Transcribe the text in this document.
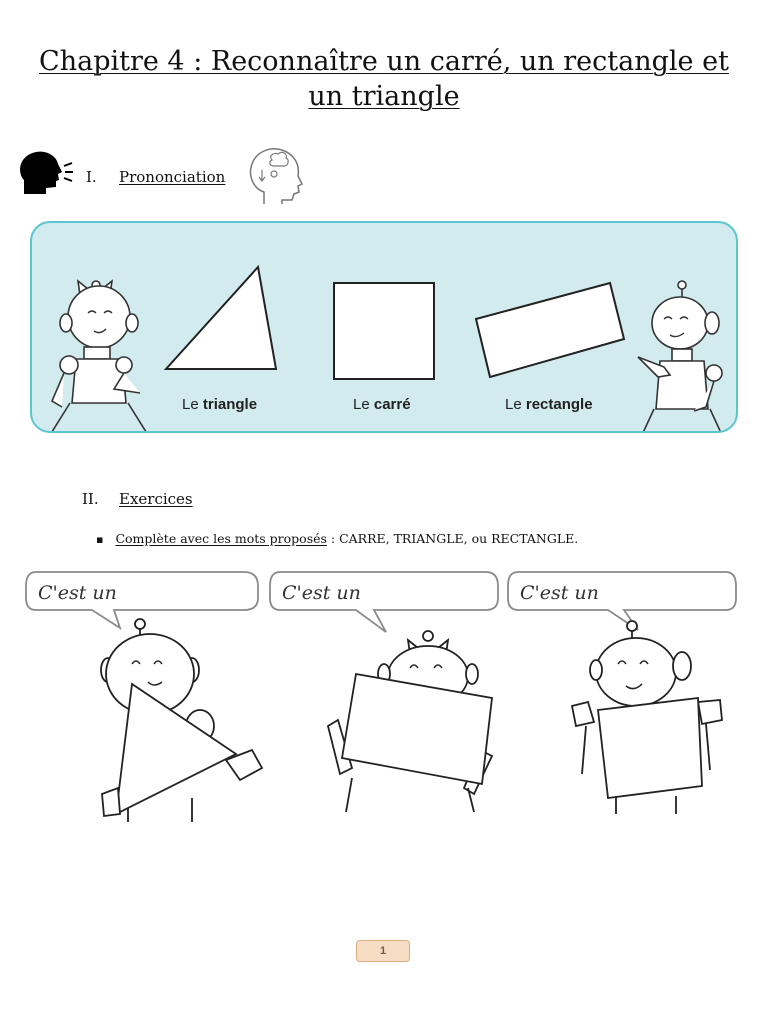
Chapitre 4 : Reconnaître un carré, un rectangle et
un triangle
I. Prononciation
Le triangle	Le carré	Le rectangle
II. Exercices
▪ Complète avec les mots proposés : CARRE, TRIANGLE, ou RECTANGLE.
C'est un	C'est un	C'est un
1
